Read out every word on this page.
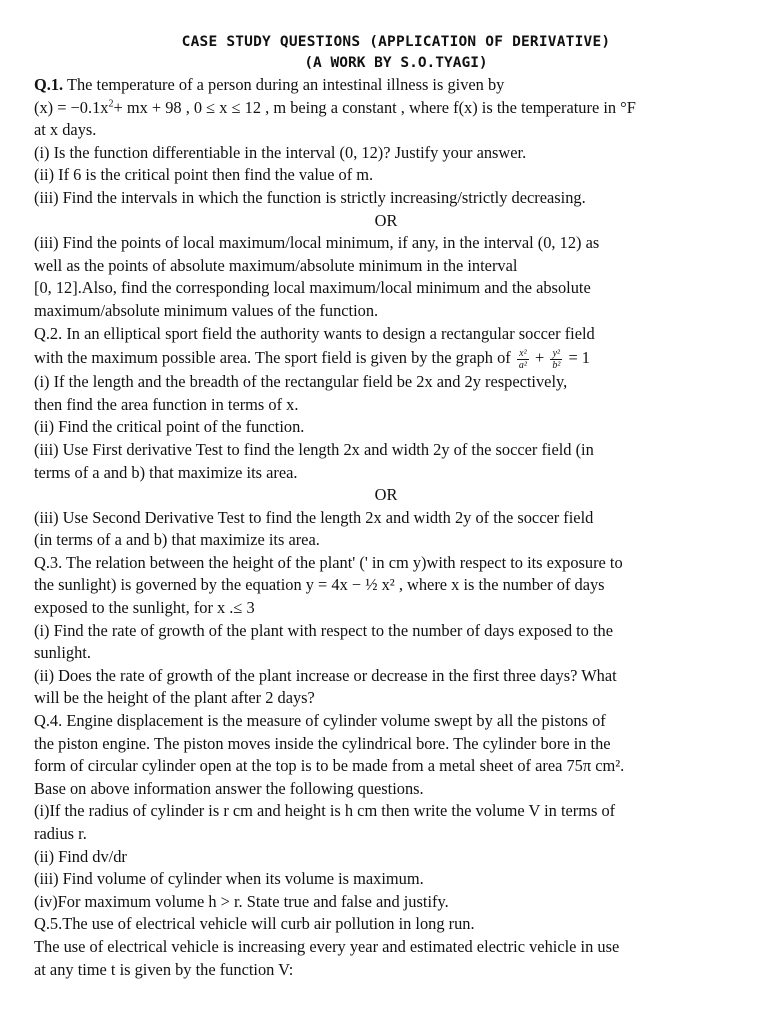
CASE STUDY QUESTIONS (APPLICATION OF DERIVATIVE)
(A WORK BY S.O.TYAGI)
Q.1. The temperature of a person during an intestinal illness is given by
$(x) = -0.1x^2+$ mx + 98 , 0 ≤ x ≤ 12 , m being a constant , where f(x) is the temperature in °F
at x days.
(i) Is the function differentiable in the interval (0, 12)? Justify your answer.
(ii) If 6 is the critical point then find the value of m.
(iii) Find the intervals in which the function is strictly increasing/strictly decreasing.
OR
(iii) Find the points of local maximum/local minimum, if any, in the interval (0, 12) as
well as the points of absolute maximum/absolute minimum in the interval
[0, 12].Also, find the corresponding local maximum/local minimum and the absolute
maximum/absolute minimum values of the function.
Q.2. In an elliptical sport field the authority wants to design a rectangular soccer field
with the maximum possible area. The sport field is given by the graph of $\frac{\text{x²}}{\text{a²}} + \frac{\text{y²}}{\text{b²}} = 1$
(i) If the length and the breadth of the rectangular field be 2x and 2y respectively,
then find the area function in terms of x.
(ii) Find the critical point of the function.
(iii) Use First derivative Test to find the length 2x and width 2y of the soccer field (in
terms of a and b) that maximize its area.
OR
(iii) Use Second Derivative Test to find the length 2x and width 2y of the soccer field
(in terms of a and b) that maximize its area.
Q.3. The relation between the height of the plant' (' in cm y)with respect to its exposure to
the sunlight) is governed by the equation y = 4x − ½ x² , where x is the number of days
exposed to the sunlight, for x .≤ 3
(i) Find the rate of growth of the plant with respect to the number of days exposed to the
sunlight.
(ii) Does the rate of growth of the plant increase or decrease in the first three days? What
will be the height of the plant after 2 days?
Q.4. Engine displacement is the measure of cylinder volume swept by all the pistons of
the piston engine. The piston moves inside the cylindrical bore. The cylinder bore in the
form of circular cylinder open at the top is to be made from a metal sheet of area 75π cm².
Base on above information answer the following questions.
(i)If the radius of cylinder is r cm and height is h cm then write the volume V in terms of
radius r.
(ii) Find dv/dr
(iii) Find volume of cylinder when its volume is maximum.
(iv)For maximum volume h > r. State true and false and justify.
Q.5.The use of electrical vehicle will curb air pollution in long run.
The use of electrical vehicle is increasing every year and estimated electric vehicle in use
at any time t is given by the function V:
